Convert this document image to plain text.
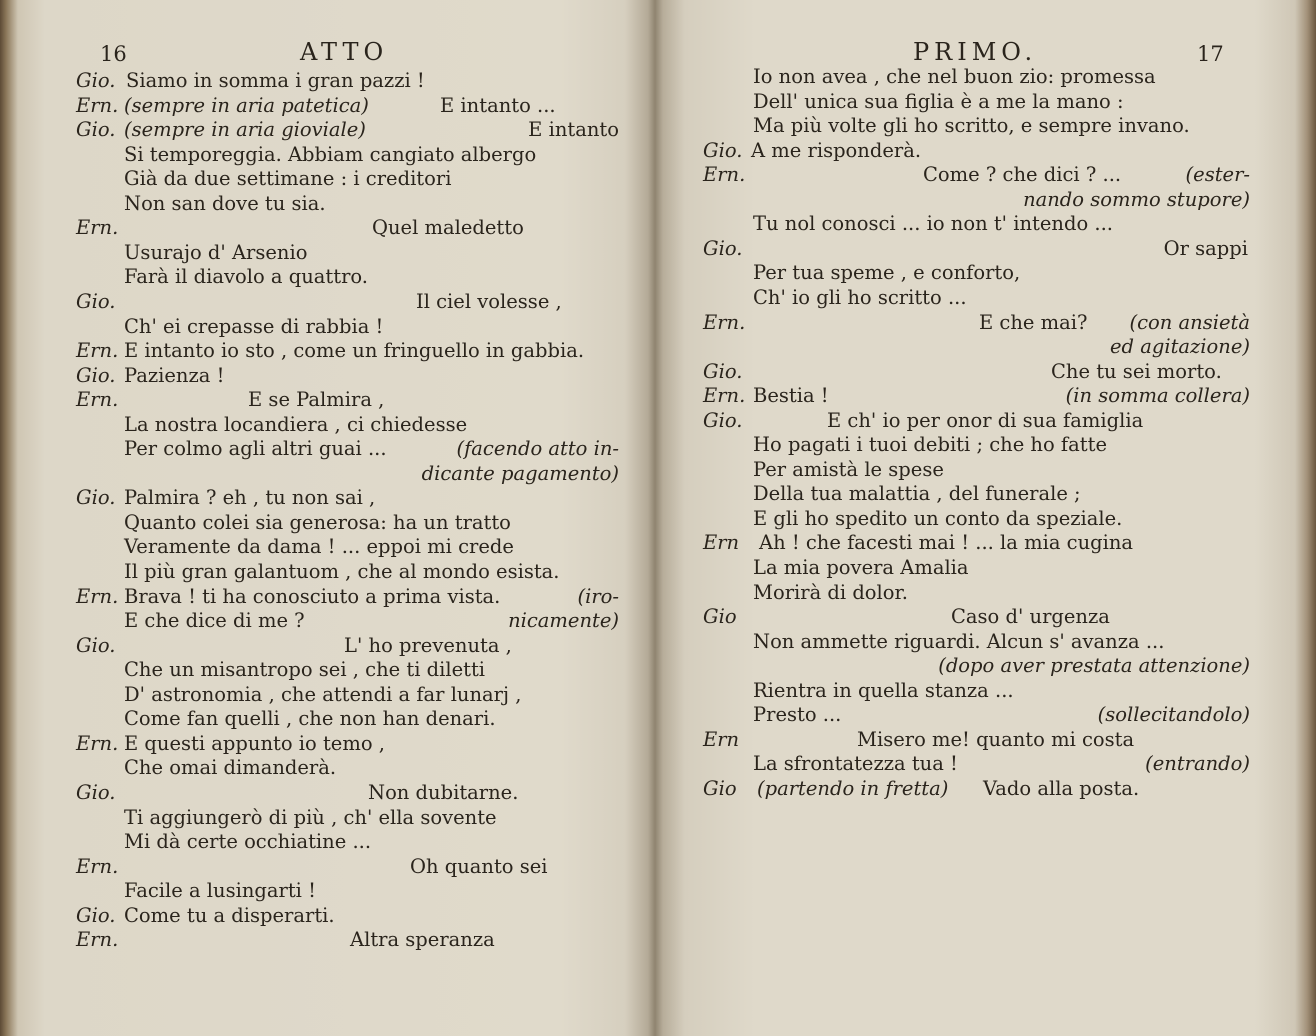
16	ATTO
Gio. Siamo in somma i gran pazzi !
Ern. (sempre in aria patetica)	E intanto ...
Gio. (sempre in aria gioviale)	E intanto
Si temporeggia. Abbiam cangiato albergo
Già da due settimane : i creditori
Non san dove tu sia.
Ern.	Quel maledetto
Usurajo d' Arsenio
Farà il diavolo a quattro.
Gio.	Il ciel volesse ,
Ch' ei crepasse di rabbia !
Ern. E intanto io sto , come un fringuello in gabbia.
Gio. Pazienza !
Ern.	E se Palmira ,
La nostra locandiera , ci chiedesse
Per colmo agli altri guai ...	(facendo atto in-
dicante pagamento)
Gio. Palmira ? eh , tu non sai ,
Quanto colei sia generosa: ha un tratto
Veramente da dama ! ... eppoi mi crede
Il più gran galantuom , che al mondo esista.
Ern. Brava ! ti ha conosciuto a prima vista.	(iro-
E che dice di me ?	nicamente)
Gio.	L' ho prevenuta ,
Che un misantropo sei , che ti diletti
D' astronomia , che attendi a far lunarj ,
Come fan quelli , che non han denari.
Ern. E questi appunto io temo ,
Che omai dimanderà.
Gio.	Non dubitarne.
Ti aggiungerò di più , ch' ella sovente
Mi dà certe occhiatine ...
Ern.	Oh quanto sei
Facile a lusingarti !
Gio. Come tu a disperarti.
Ern.	Altra speranza
PRIMO.	17
Io non avea , che nel buon zio: promessa
Dell' unica sua figlia è a me la mano :
Ma più volte gli ho scritto, e sempre invano.
Gio. A me risponderà.
Ern.	Come ? che dici ? ...	(ester-
nando sommo stupore)
Tu nol conosci ... io non t' intendo ...
Gio.	Or sappi
Per tua speme , e conforto,
Ch' io gli ho scritto ...
Ern.	E che mai? (con ansietà
ed agitazione)
Gio.	Che tu sei morto.
Ern. Bestia !	(in somma collera)
Gio.	E ch' io per onor di sua famiglia
Ho pagati i tuoi debiti ; che ho fatte
Per amistà le spese
Della tua malattia , del funerale ;
E gli ho spedito un conto da speziale.
Ern Ah ! che facesti mai ! ... la mia cugina
La mia povera Amalia
Morirà di dolor.
Gio	Caso d' urgenza
Non ammette riguardi. Alcun s' avanza ...
(dopo aver prestata attenzione)
Rientra in quella stanza ...
Presto ...	(sollecitandolo)
Ern	Misero me! quanto mi costa
La sfrontatezza tua !	(entrando)
Gio (partendo in fretta) Vado alla posta.
